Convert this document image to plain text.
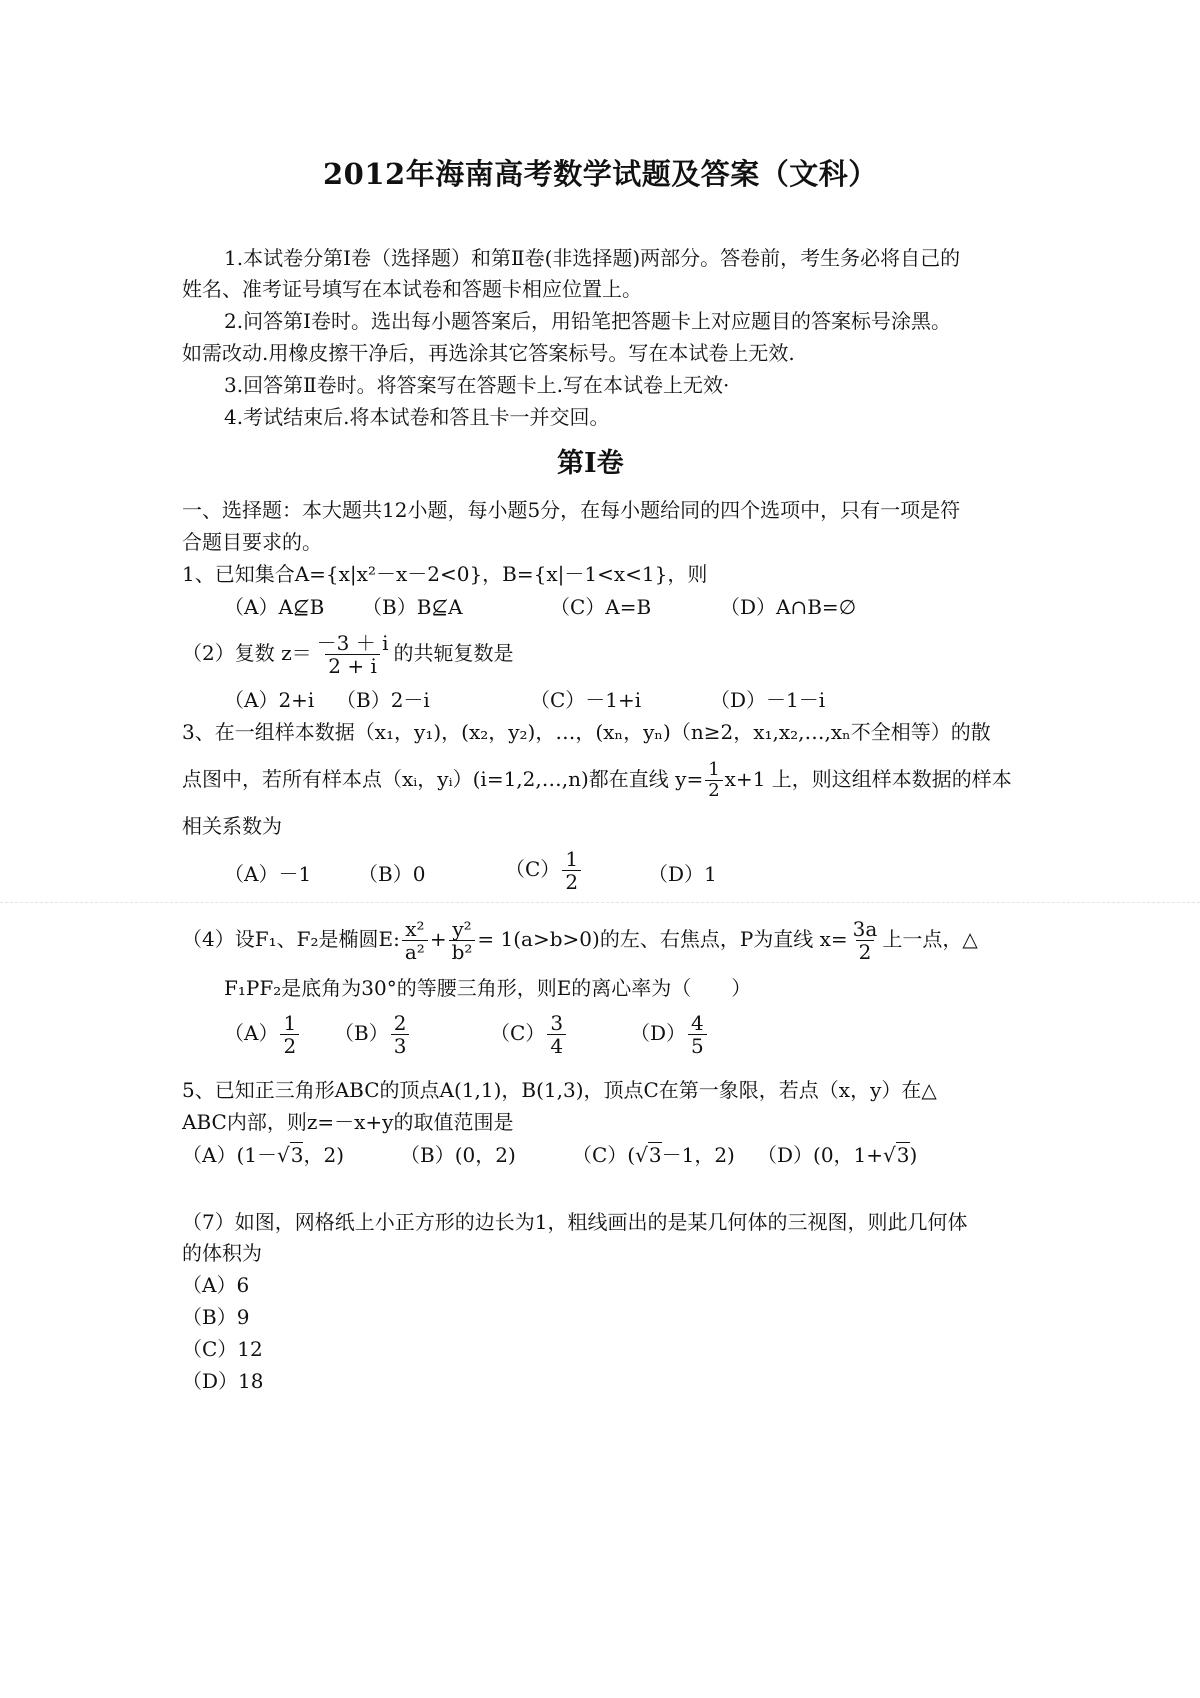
2012年海南高考数学试题及答案（文科）
1.本试卷分第Ⅰ卷（选择题）和第Ⅱ卷(非选择题)两部分。答卷前，考生务必将自己的
姓名、准考证号填写在本试卷和答题卡相应位置上。
2.问答第Ⅰ卷时。选出每小题答案后，用铅笔把答题卡上对应题目的答案标号涂黑。
如需改动.用橡皮擦干净后，再选涂其它答案标号。写在本试卷上无效.
3.回答第Ⅱ卷时。将答案写在答题卡上.写在本试卷上无效·
4.考试结束后.将本试卷和答且卡一并交回。
第Ⅰ卷
一、选择题：本大题共12小题，每小题5分，在每小题给同的四个选项中，只有一项是符
合题目要求的。
1、已知集合A={x|x²－x－2<0}，B={x|－1<x<1}，则
（A）A⊈B （B）B⊈A	（C）A=B	（D）A∩B=∅
（2）复数 $z= \frac{-3 + i}{2 + i}$ 的共轭复数是
（A）2+i （B）2－i	（C）－1+i	（D）－1－i
3、在一组样本数据（x₁，y₁)，(x₂，y₂)，…，(xₙ，yₙ)（n≥2，x₁,x₂,…,xₙ不全相等）的散
点图中，若所有样本点（xᵢ，yᵢ）(i=1,2,…,n)都在直线 $y= \frac{1}{2} x+1$ 上，则这组样本数据的样本
相关系数为
（A）－1 （B）0	$(C) \frac{1}{2}$	（D）1
（4）设F₁、F₂是椭圆E: $\frac{\text{x²}}{\text{a²}} + \frac{\text{y²}}{\text{b²}} = 1(a>b>0)$的左、右焦点，P为直线 $x= \frac{3a}{2}$ 上一点，△
F₁PF₂是底角为30°的等腰三角形，则E的离心率为（　　）
$(A) \frac{1}{2} (B) \frac{2}{3}$	$(C) \frac{3}{4}$	$(D) \frac{4}{5}$
5、已知正三角形ABC的顶点A(1,1)，B(1,3)，顶点C在第一象限，若点（x，y）在△
ABC内部，则z=－x+y的取值范围是
（A）(1－√3，2)	（B）(0，2)	（C）(√3－1，2) （D）(0，1+√3)
（7）如图，网格纸上小正方形的边长为1，粗线画出的是某几何体的三视图，则此几何体
的体积为
（A）6
（B）9
（C）12
（D）18
